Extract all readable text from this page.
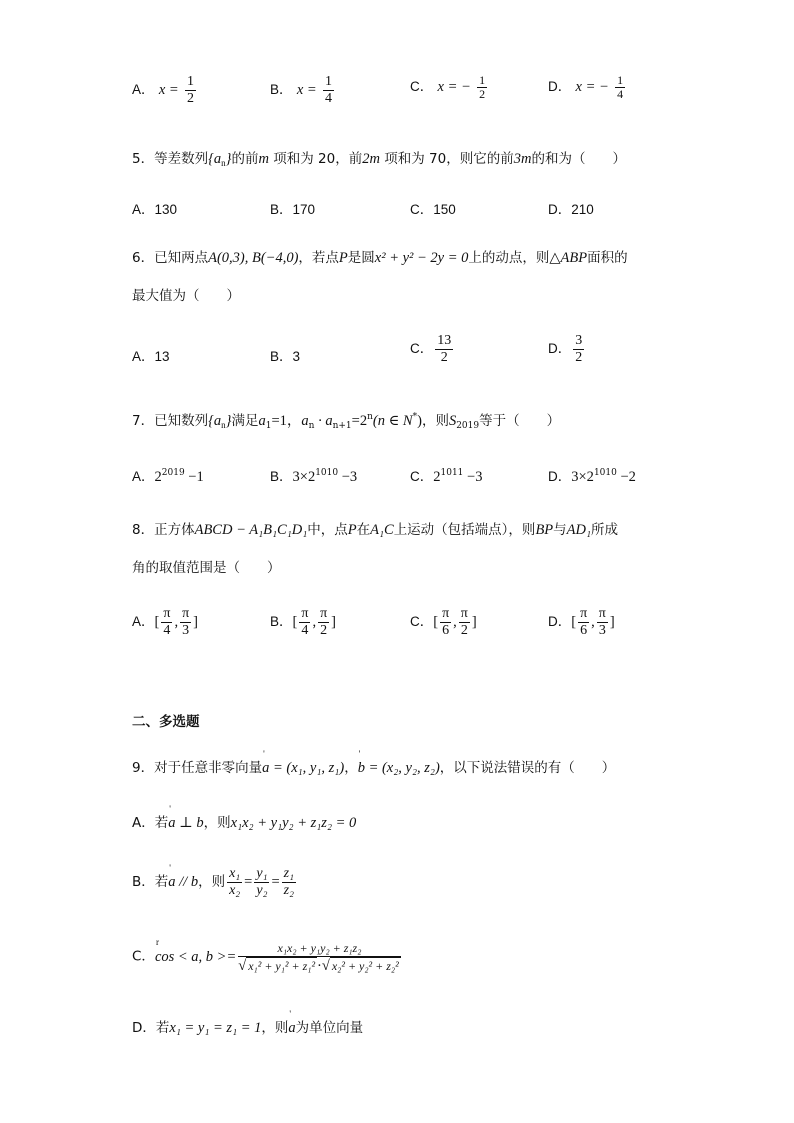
A． $x = \frac{1}{2}$	B． $x = \frac{1}{4}$	C． x = − $\frac{1}{2}$	D． x = − $\frac{1}{4}$
5．等差数列$\{a_n\}$的前m 项和为 20，前2m 项和为 70，则它的前3m的和为（　　）
A．130	B．170	C．150	D．210
6．已知两点A(0,3), B(−4,0)，若点P是圆x² + y² − 2y = 0上的动点，则△ABP面积的
最大值为（　　）
A．13	B．3
C． $\frac{13}{2}$	D． $\frac{3}{2}$
7．已知数列$\{a_n\}$满足$a_1=1$，$a_n \cdot a_{n+1}=2^n(n$ ∈ N*)，则$S_{2019}$等于（　　）
A．$2^{2019} -1$	B．$3\times 2^{1010} -3$	C．$2^{1011} -3$	D．$3\times 2^{1010} -2$
8．正方体ABCD − A₁B₁C₁D₁中，点P在A₁C上运动（包括端点），则BP与AD₁所成
角的取值范围是（　　）
A．[ $\frac{\pi}{4}$ , $\frac{\pi}{3}$ ]	B．[ $\frac{\pi}{4}$ , $\frac{\pi}{2}$ ]	C．[ $\frac{\pi}{6}$ , $\frac{\pi}{2}$ ]	D．[ $\frac{\pi}{6}$ , $\frac{\pi}{3}$ ]
二、多选题
9．对于任意非零向量' a = (x₁, y₁, z₁)，' b = (x₂, y₂, z₂)，以下说法错误的有（　　）
A．若' a ⊥ b，则x₁x₂ + y₁y₂ + z₁z₂ = 0
B．若' a // b，则 $\frac{\text{x₁}}{\text{x₂}} = \frac{\text{y₁}}{\text{y₂}} = \frac{\text{z₁}}{\text{z₂}}$
C．r cos < a, $b >= \frac{\text{x₁x₂ + y₁y₂ + z₁z₂}}{\text{√ x₁² + y₁² + z₁² ·√ x₂² + y₂² + z₂²}}$
D．若x₁ = y₁ = z₁ = 1，则' a为单位向量
